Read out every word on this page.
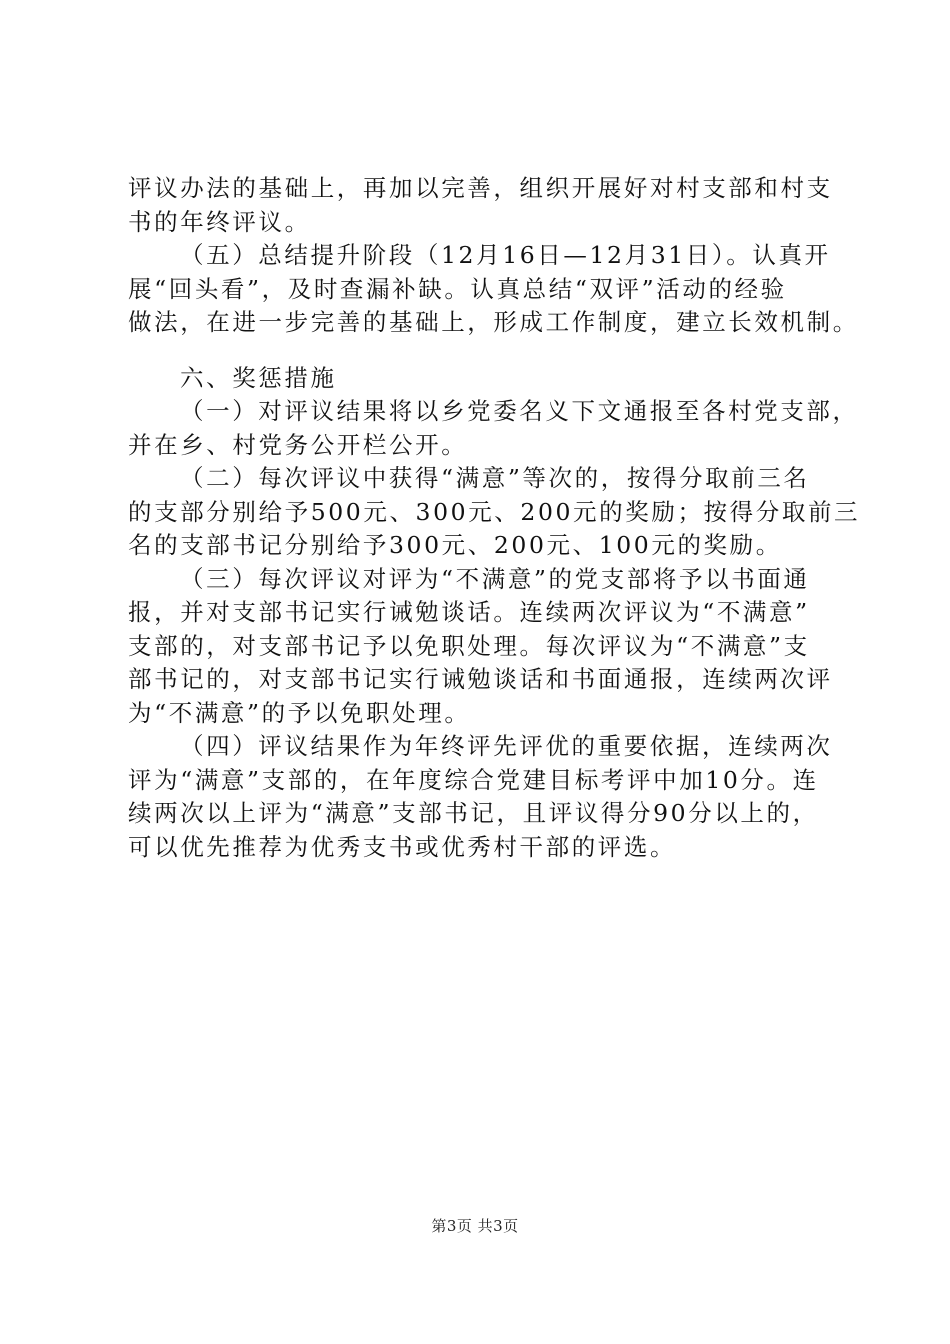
评议办法的基础上，再加以完善，组织开展好对村支部和村支
书的年终评议。
（五）总结提升阶段（12月16日—12月31日）。认真开
展“回头看”，及时查漏补缺。认真总结“双评”活动的经验
做法，在进一步完善的基础上，形成工作制度，建立长效机制。
六、奖惩措施
（一）对评议结果将以乡党委名义下文通报至各村党支部，
并在乡、村党务公开栏公开。
（二）每次评议中获得“满意”等次的，按得分取前三名
的支部分别给予500元、300元、200元的奖励；按得分取前三
名的支部书记分别给予300元、200元、100元的奖励。
（三）每次评议对评为“不满意”的党支部将予以书面通
报，并对支部书记实行诫勉谈话。连续两次评议为“不满意”
支部的，对支部书记予以免职处理。每次评议为“不满意”支
部书记的，对支部书记实行诫勉谈话和书面通报，连续两次评
为“不满意”的予以免职处理。
（四）评议结果作为年终评先评优的重要依据，连续两次
评为“满意”支部的，在年度综合党建目标考评中加10分。连
续两次以上评为“满意”支部书记，且评议得分90分以上的，
可以优先推荐为优秀支书或优秀村干部的评选。
第3页 共3页
